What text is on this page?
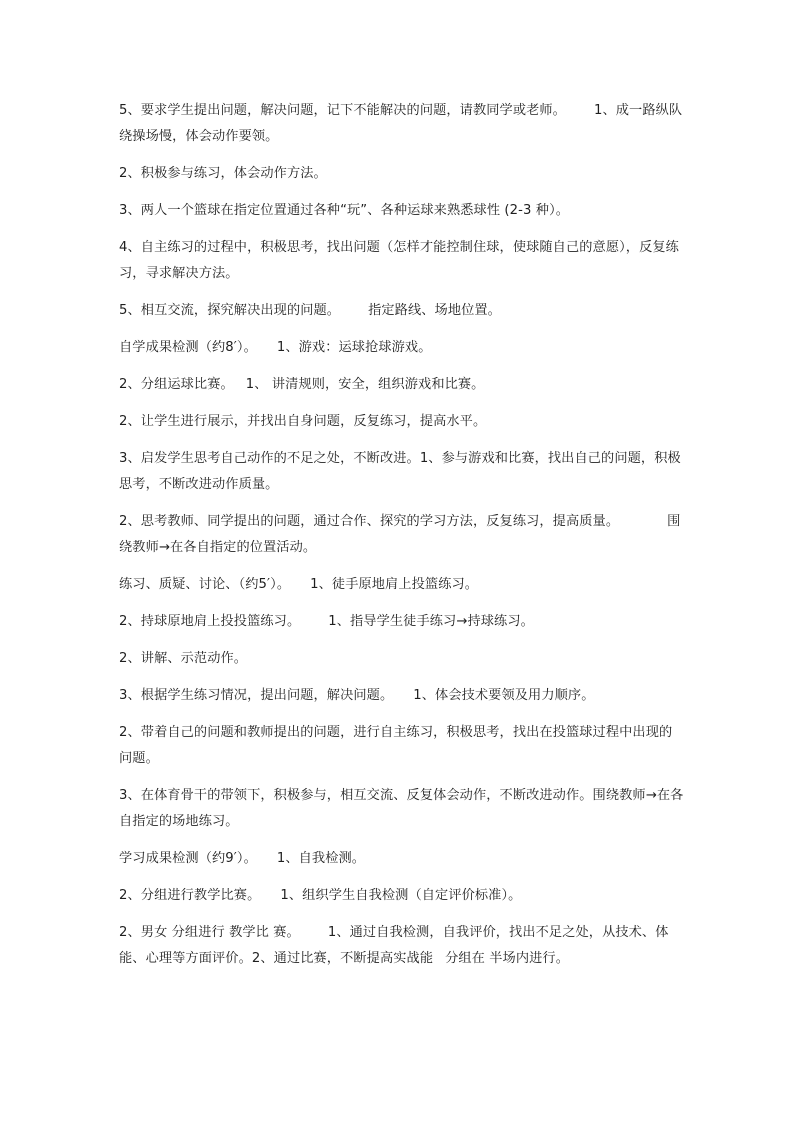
5、要求学生提出问题，解决问题，记下不能解决的问题，请教同学或老师。 1、成一路纵队绕操场慢，体会动作要领。

2、积极参与练习，体会动作方法。

3、两人一个篮球在指定位置通过各种“玩”、各种运球来熟悉球性 (2-3 种）。

4、自主练习的过程中，积极思考，找出问题（怎样才能控制住球，使球随自己的意愿），反复练习，寻求解决方法。

5、相互交流，探究解决出现的问题。 指定路线、场地位置。

自学成果检测（约8′）。 1、游戏：运球抢球游戏。

2、分组运球比赛。 1、 讲清规则，安全，组织游戏和比赛。

2、让学生进行展示，并找出自身问题，反复练习，提高水平。

3、启发学生思考自己动作的不足之处，不断改进。1、参与游戏和比赛，找出自己的问题，积极思考，不断改进动作质量。

2、思考教师、同学提出的问题，通过合作、探究的学习方法，反复练习，提高质量。	围绕教师→在各自指定的位置活动。

练习、质疑、讨论、（约5′）。 1、徒手原地肩上投篮练习。

2、持球原地肩上投投篮练习。 1、指导学生徒手练习→持球练习。

2、讲解、示范动作。

3、根据学生练习情况，提出问题，解决问题。 1、体会技术要领及用力顺序。

2、带着自己的问题和教师提出的问题，进行自主练习，积极思考，找出在投篮球过程中出现的问题。

3、在体育骨干的带领下，积极参与，相互交流、反复体会动作，不断改进动作。围绕教师→在各自指定的场地练习。

学习成果检测（约9′）。 1、自我检测。

2、分组进行教学比赛。 1、组织学生自我检测（自定评价标准）。

2、男女 分组进行 教学比 赛。 1、通过自我检测，自我评价，找出不足之处，从技术、体能、心理等方面评价。2、通过比赛，不断提高实战能 分组在 半场内进行。
